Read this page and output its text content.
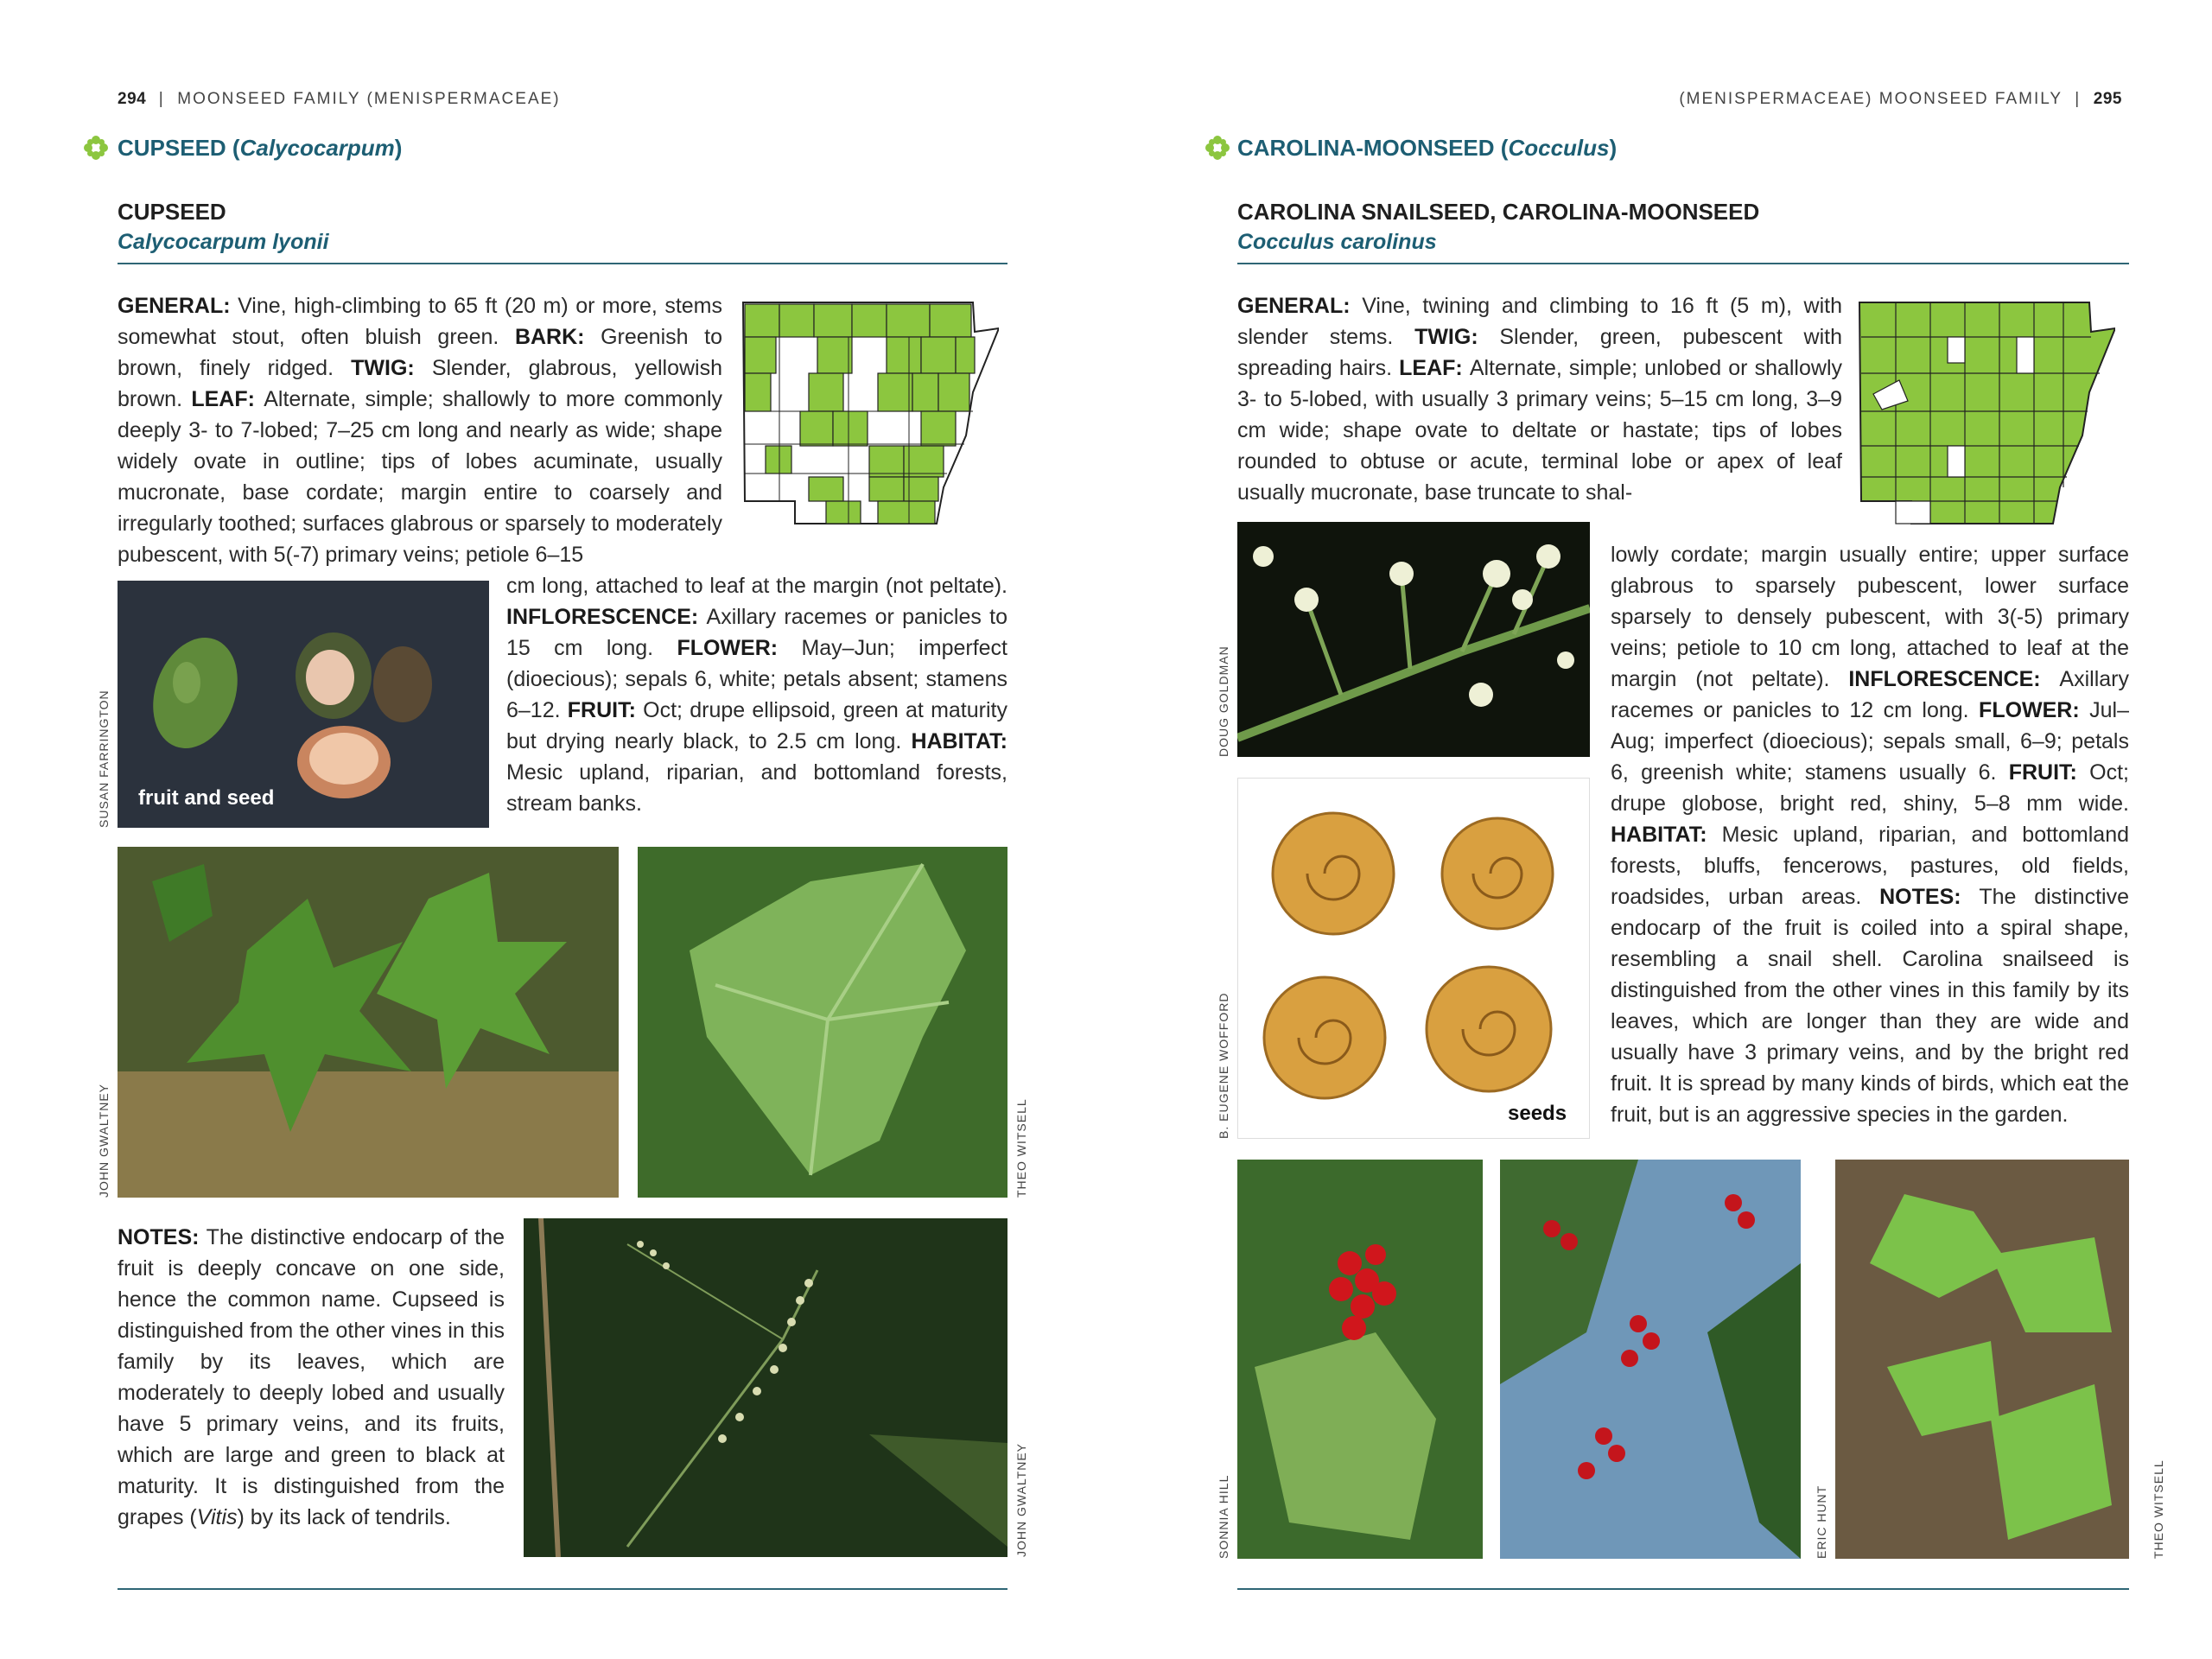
294  |  MOONSEED FAMILY (MENISPERMACEAE)
CUPSEED (Calycocarpum)
CUPSEED
Calycocarpum lyonii

GENERAL: Vine, high-climbing to 65 ft (20 m) or more, stems somewhat stout, often bluish green. BARK: Greenish to brown, finely ridged. TWIG: Slender, glabrous, yellowish brown. LEAF: Alternate, simple; shallowly to more commonly deeply 3- to 7-lobed; 7–25 cm long and nearly as wide; shape widely ovate in outline; tips of lobes acuminate, usually mucronate, base cordate; margin entire to coarsely and irregularly toothed; surfaces glabrous or sparsely to moderately pubescent, with 5(-7) primary veins; petiole 6–15

fruit and seed
SUSAN FARRINGTON

cm long, attached to leaf at the margin (not peltate). INFLORESCENCE: Axillary racemes or panicles to 15 cm long. FLOWER: May–Jun; imperfect (dioecious); sepals 6, white; petals absent; stamens 6–12. FRUIT: Oct; drupe ellipsoid, green at maturity but drying nearly black, to 2.5 cm long. HABITAT: Mesic upland, riparian, and bottomland forests, stream banks.

JOHN GWALTNEY	THEO WITSELL

NOTES: The distinctive endocarp of the fruit is deeply concave on one side, hence the common name. Cupseed is distinguished from the other vines in this family by its leaves, which are moderately to deeply lobed and usually have 5 primary veins, and its fruits, which are large and green to black at maturity. It is distinguished from the grapes (Vitis) by its lack of tendrils.	JOHN GWALTNEY
(MENISPERMACEAE) MOONSEED FAMILY  |  295
CAROLINA-MOONSEED (Cocculus)
CAROLINA SNAILSEED, CAROLINA-MOONSEED
Cocculus carolinus

GENERAL: Vine, twining and climbing to 16 ft (5 m), with slender stems. TWIG: Slender, green, pubescent with spreading hairs. LEAF: Alternate, simple; unlobed or shallowly 3- to 5-lobed, with usually 3 primary veins; 5–15 cm long, 3–9 cm wide; shape ovate to deltate or hastate; tips of lobes rounded to obtuse or acute, terminal lobe or apex of leaf usually mucronate, base truncate to shal-

DOUG GOLDMAN
seeds
B. EUGENE WOFFORD

lowly cordate; margin usually entire; upper surface glabrous to sparsely pubescent, lower surface sparsely to densely pubescent, with 3(-5) primary veins; petiole to 10 cm long, attached to leaf at the margin (not peltate). INFLORESCENCE: Axillary racemes or panicles to 12 cm long. FLOWER: Jul–Aug; imperfect (dioecious); sepals small, 6–9; petals 6, greenish white; stamens usually 6. FRUIT: Oct; drupe globose, bright red, shiny, 5–8 mm wide. HABITAT: Mesic upland, riparian, and bottomland forests, bluffs, fencerows, pastures, old fields, roadsides, urban areas. NOTES: The distinctive endocarp of the fruit is coiled into a spiral shape, resembling a snail shell. Carolina snailseed is distinguished from the other vines in this family by its leaves, which are longer than they are wide and usually have 3 primary veins, and by the bright red fruit. It is spread by many kinds of birds, which eat the fruit, but is an aggressive species in the garden.

SONNIA HILL	ERIC HUNT	THEO WITSELL
